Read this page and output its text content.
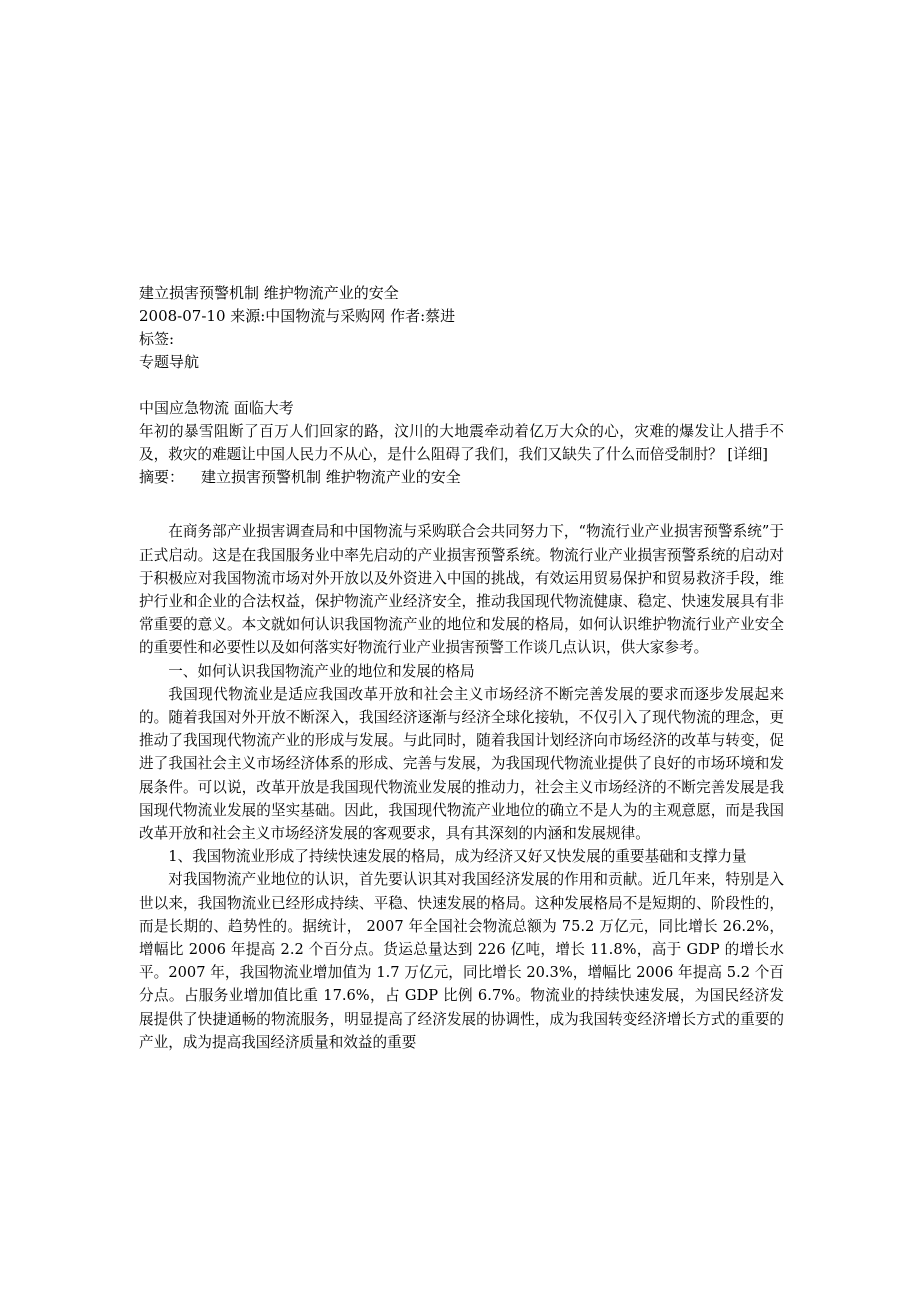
建立损害预警机制 维护物流产业的安全
2008-07-10 来源:中国物流与采购网 作者:蔡进
标签:
专题导航
中国应急物流 面临大考

年初的暴雪阻断了百万人们回家的路，汶川的大地震牵动着亿万大众的心，灾难的爆发让人措手不及，救灾的难题让中国人民力不从心，是什么阻碍了我们，我们又缺失了什么而倍受制肘？ [详细]

摘要： 建立损害预警机制 维护物流产业的安全

在商务部产业损害调查局和中国物流与采购联合会共同努力下，“物流行业产业损害预警系统”于正式启动。这是在我国服务业中率先启动的产业损害预警系统。物流行业产业损害预警系统的启动对于积极应对我国物流市场对外开放以及外资进入中国的挑战，有效运用贸易保护和贸易救济手段，维护行业和企业的合法权益，保护物流产业经济安全，推动我国现代物流健康、稳定、快速发展具有非常重要的意义。本文就如何认识我国物流产业的地位和发展的格局，如何认识维护物流行业产业安全的重要性和必要性以及如何落实好物流行业产业损害预警工作谈几点认识，供大家参考。

一、如何认识我国物流产业的地位和发展的格局

我国现代物流业是适应我国改革开放和社会主义市场经济不断完善发展的要求而逐步发展起来的。随着我国对外开放不断深入，我国经济逐渐与经济全球化接轨，不仅引入了现代物流的理念，更推动了我国现代物流产业的形成与发展。与此同时，随着我国计划经济向市场经济的改革与转变，促进了我国社会主义市场经济体系的形成、完善与发展，为我国现代物流业提供了良好的市场环境和发展条件。可以说，改革开放是我国现代物流业发展的推动力，社会主义市场经济的不断完善发展是我国现代物流业发展的坚实基础。因此，我国现代物流产业地位的确立不是人为的主观意愿，而是我国改革开放和社会主义市场经济发展的客观要求，具有其深刻的内涵和发展规律。

1、我国物流业形成了持续快速发展的格局，成为经济又好又快发展的重要基础和支撑力量

对我国物流产业地位的认识，首先要认识其对我国经济发展的作用和贡献。近几年来，特别是入世以来，我国物流业已经形成持续、平稳、快速发展的格局。这种发展格局不是短期的、阶段性的，而是长期的、趋势性的。据统计， 2007 年全国社会物流总额为 75.2 万亿元，同比增长 26.2%，增幅比 2006 年提高 2.2 个百分点。货运总量达到 226 亿吨，增长 11.8%，高于 GDP 的增长水平。2007 年，我国物流业增加值为 1.7 万亿元，同比增长 20.3%，增幅比 2006 年提高 5.2 个百分点。占服务业增加值比重 17.6%，占 GDP 比例 6.7%。物流业的持续快速发展，为国民经济发展提供了快捷通畅的物流服务，明显提高了经济发展的协调性，成为我国转变经济增长方式的重要的产业，成为提高我国经济质量和效益的重要
